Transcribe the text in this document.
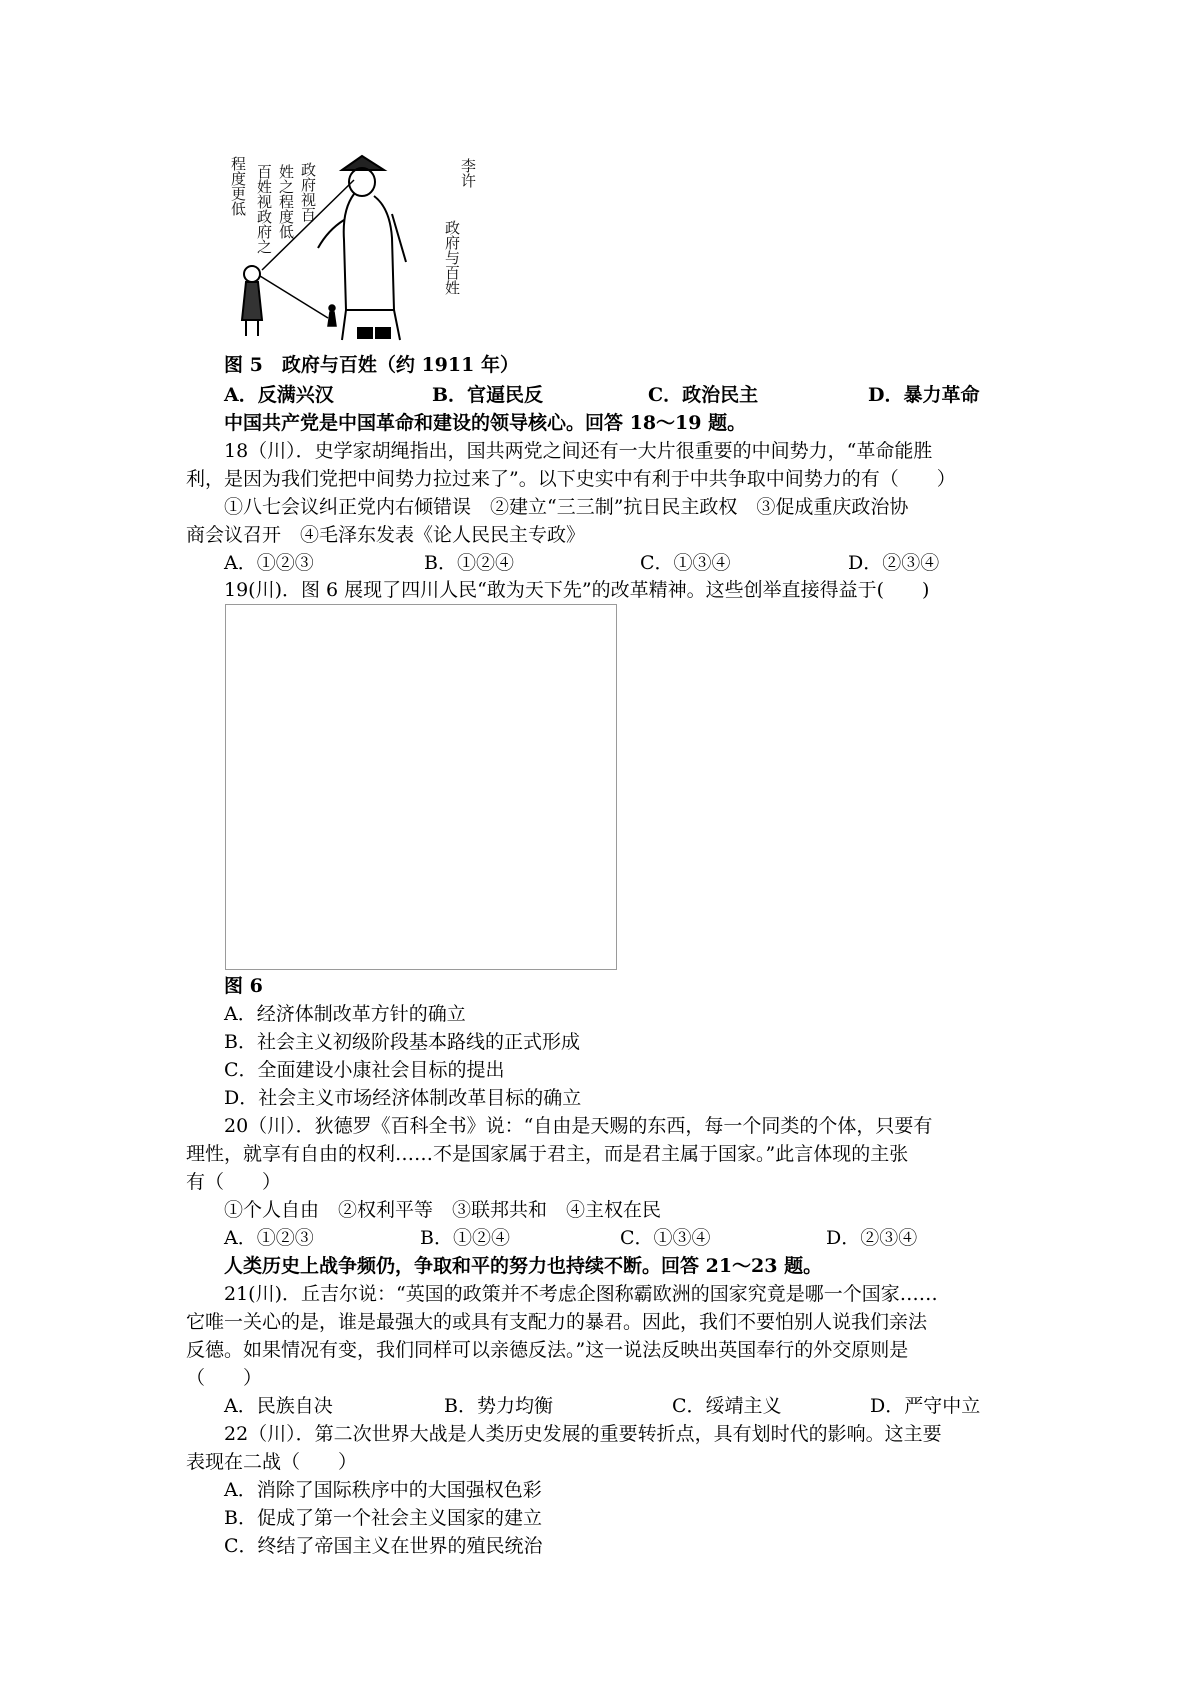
政府视百
姓之程度低
百姓视政府之
程度更低	李许
政府与百姓
图 5　政府与百姓（约 1911 年）
A．反满兴汉	B．官逼民反	C．政治民主	D．暴力革命
中国共产党是中国革命和建设的领导核心。回答 18～19 题。
18（川）．史学家胡绳指出，国共两党之间还有一大片很重要的中间势力，“革命能胜
利，是因为我们党把中间势力拉过来了”。以下史实中有利于中共争取中间势力的有（　　）
①八七会议纠正党内右倾错误　②建立“三三制”抗日民主政权　③促成重庆政治协
商会议召开　④毛泽东发表《论人民民主专政》
A．①②③	B．①②④	C．①③④	D．②③④
19(川)．图 6 展现了四川人民“敢为天下先”的改革精神。这些创举直接得益于(　　)
图 6
A．经济体制改革方针的确立
B．社会主义初级阶段基本路线的正式形成
C．全面建设小康社会目标的提出
D．社会主义市场经济体制改革目标的确立
20（川）．狄德罗《百科全书》说：“自由是天赐的东西，每一个同类的个体，只要有
理性，就享有自由的权利……不是国家属于君主，而是君主属于国家。”此言体现的主张
有（　　）
①个人自由　②权利平等　③联邦共和　④主权在民
A．①②③	B．①②④	C．①③④	D．②③④
人类历史上战争频仍，争取和平的努力也持续不断。回答 21～23 题。
21(川)．丘吉尔说：“英国的政策并不考虑企图称霸欧洲的国家究竟是哪一个国家……
它唯一关心的是，谁是最强大的或具有支配力的暴君。因此，我们不要怕别人说我们亲法
反德。如果情况有变，我们同样可以亲德反法。”这一说法反映出英国奉行的外交原则是
（　　）
A．民族自决	B．势力均衡	C．绥靖主义	D．严守中立
22（川）．第二次世界大战是人类历史发展的重要转折点，具有划时代的影响。这主要
表现在二战（　　）
A．消除了国际秩序中的大国强权色彩
B．促成了第一个社会主义国家的建立
C．终结了帝国主义在世界的殖民统治
